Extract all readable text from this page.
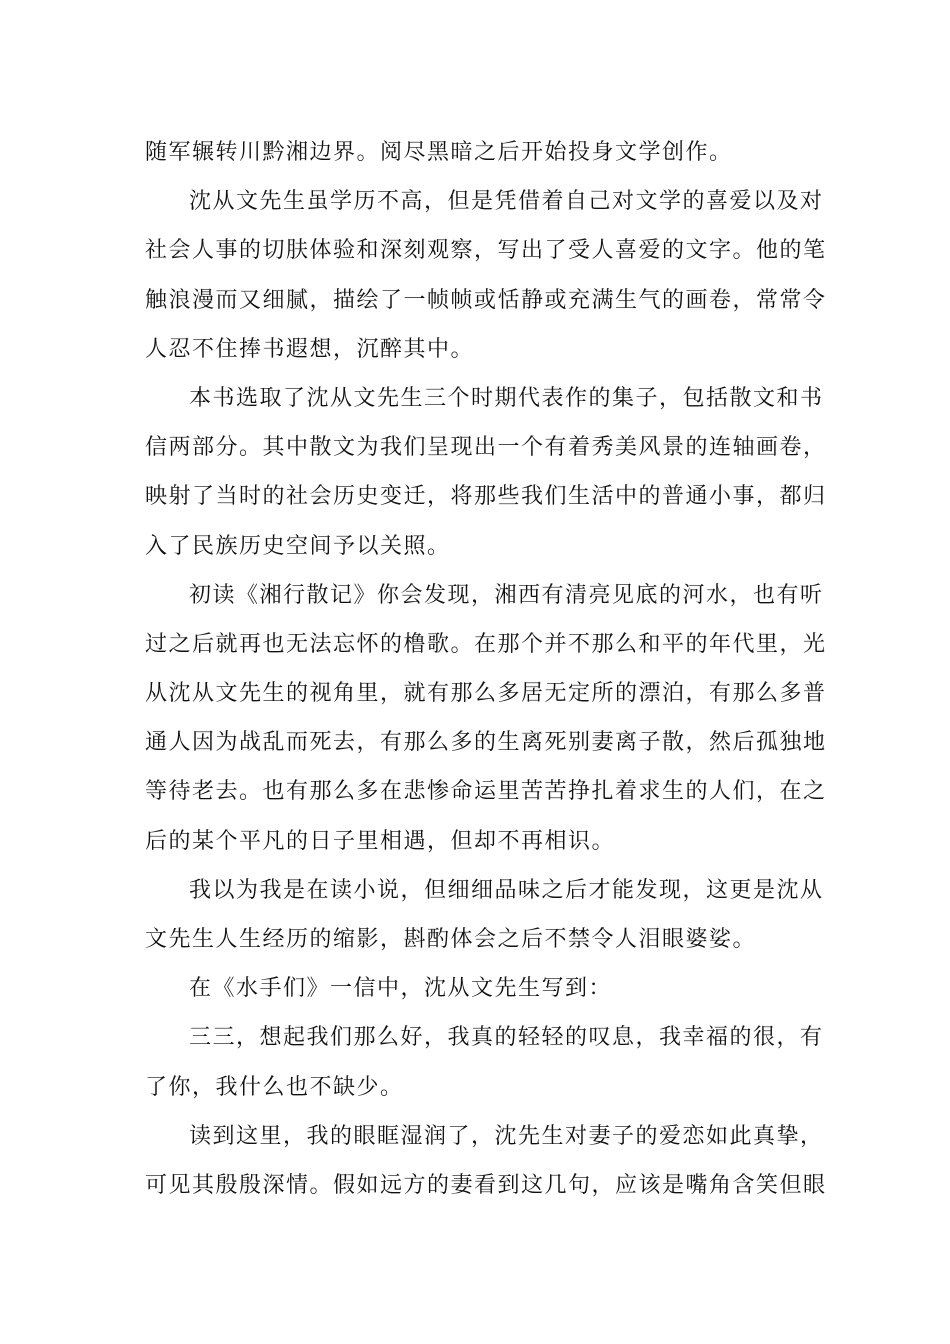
随军辗转川黔湘边界。阅尽黑暗之后开始投身文学创作。
沈从文先生虽学历不高，但是凭借着自己对文学的喜爱以及对
社会人事的切肤体验和深刻观察，写出了受人喜爱的文字。他的笔
触浪漫而又细腻，描绘了一帧帧或恬静或充满生气的画卷，常常令
人忍不住捧书遐想，沉醉其中。
本书选取了沈从文先生三个时期代表作的集子，包括散文和书
信两部分。其中散文为我们呈现出一个有着秀美风景的连轴画卷，
映射了当时的社会历史变迁，将那些我们生活中的普通小事，都归
入了民族历史空间予以关照。
初读《湘行散记》你会发现，湘西有清亮见底的河水，也有听
过之后就再也无法忘怀的橹歌。在那个并不那么和平的年代里，光
从沈从文先生的视角里，就有那么多居无定所的漂泊，有那么多普
通人因为战乱而死去，有那么多的生离死别妻离子散，然后孤独地
等待老去。也有那么多在悲惨命运里苦苦挣扎着求生的人们，在之
后的某个平凡的日子里相遇，但却不再相识。
我以为我是在读小说，但细细品味之后才能发现，这更是沈从
文先生人生经历的缩影，斟酌体会之后不禁令人泪眼婆娑。
在《水手们》一信中，沈从文先生写到：
三三，想起我们那么好，我真的轻轻的叹息，我幸福的很，有
了你，我什么也不缺少。
读到这里，我的眼眶湿润了，沈先生对妻子的爱恋如此真挚，
可见其殷殷深情。假如远方的妻看到这几句，应该是嘴角含笑但眼
